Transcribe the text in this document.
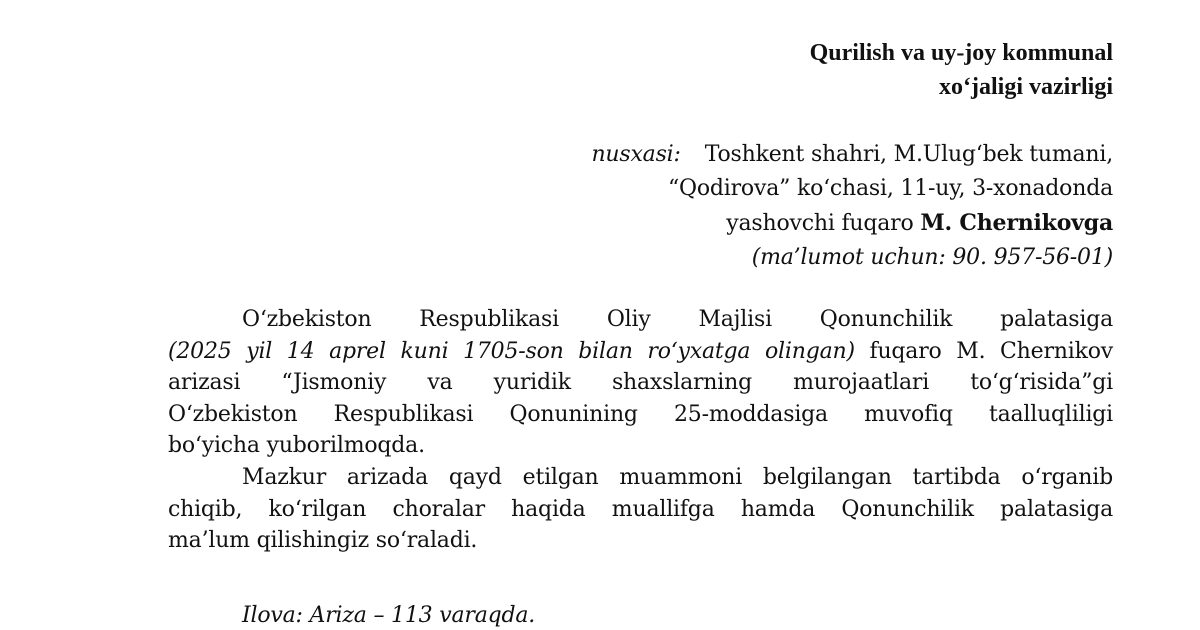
Qurilish va uy-joy kommunal
xo‘jaligi vazirligi
nusxasi: Toshkent shahri, M.Ulug‘bek tumani,
“Qodirova” ko‘chasi, 11-uy, 3-xonadonda
yashovchi fuqaro M. Chernikovga
(ma’lumot uchun: 90. 957-56-01)
O‘zbekiston Respublikasi Oliy Majlisi Qonunchilik palatasiga
(2025 yil 14 aprel kuni 1705-son bilan ro‘yxatga olingan) fuqaro M. Chernikov
arizasi “Jismoniy va yuridik shaxslarning murojaatlari to‘g‘risida”gi
O‘zbekiston Respublikasi Qonunining 25-moddasiga muvofiq taalluqliligi
bo‘yicha yuborilmoqda.
Mazkur arizada qayd etilgan muammoni belgilangan tartibda o‘rganib
chiqib, ko‘rilgan choralar haqida muallifga hamda Qonunchilik palatasiga
ma’lum qilishingiz so‘raladi.
Ilova: Ariza – 113 varaqda.
